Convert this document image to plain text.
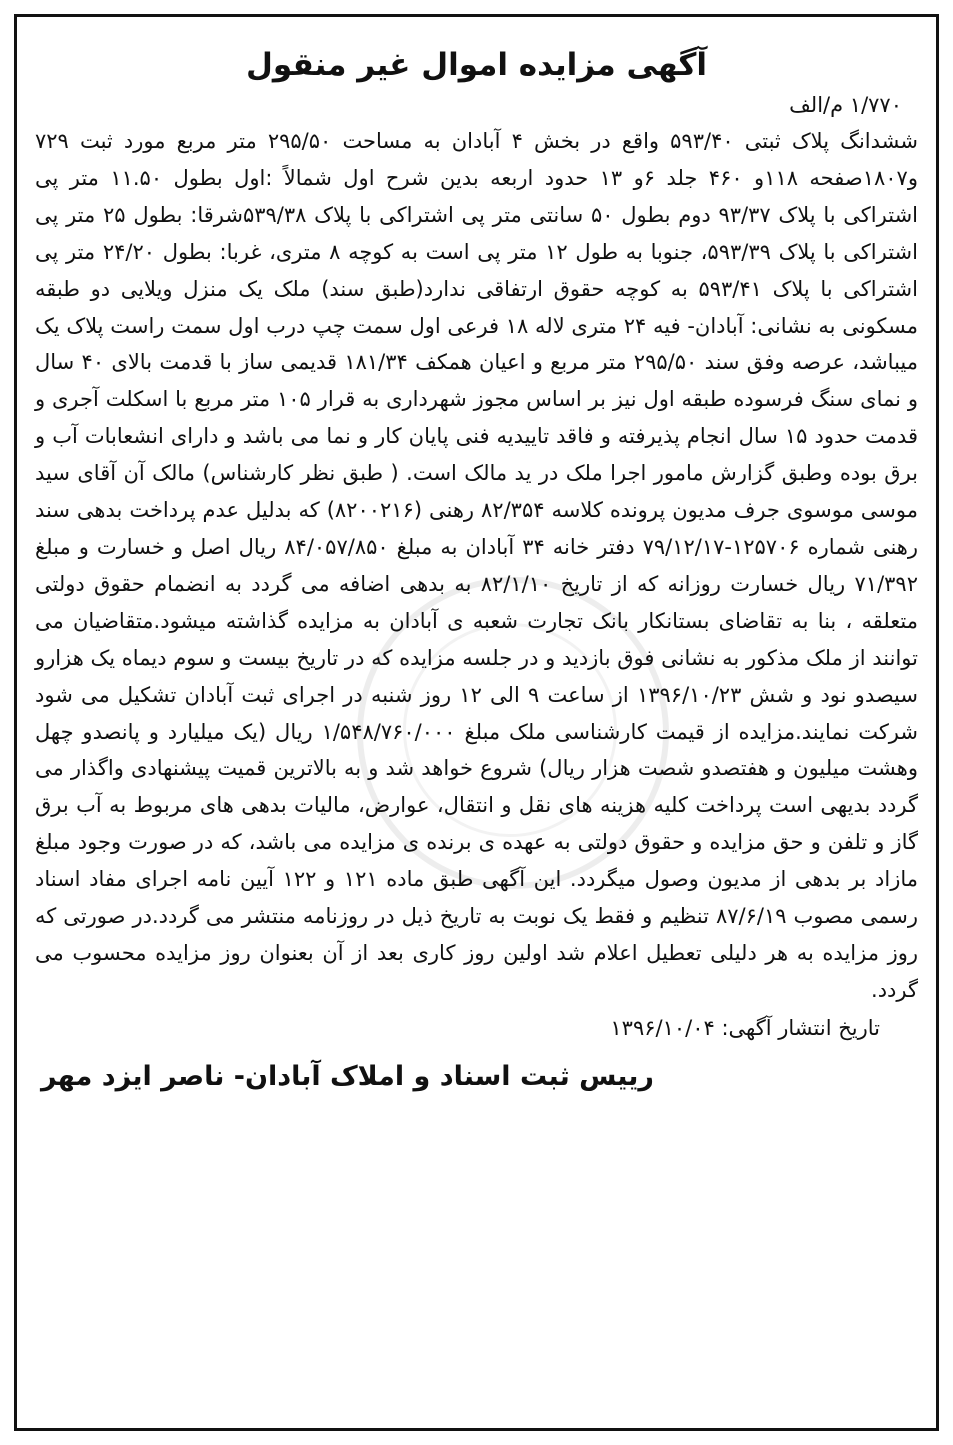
آگهی مزایده اموال غیر منقول
۱/۷۷۰ م/الف
ششدانگ پلاک ثبتی ۵۹۳/۴۰ واقع در بخش ۴ آبادان به مساحت ۲۹۵/۵۰ متر مربع مورد ثبت ۷۲۹ و۱۸۰۷صفحه ۱۱۸و ۴۶۰ جلد ۶و ۱۳ حدود اربعه بدین شرح اول شمالاً :اول بطول ۱۱.۵۰ متر پی اشتراکی با پلاک ۹۳/۳۷ دوم بطول ۵۰ سانتی متر پی اشتراکی با پلاک ۵۳۹/۳۸شرقا: بطول ۲۵ متر پی اشتراکی با پلاک ۵۹۳/۳۹، جنوبا به طول ۱۲ متر پی است به کوچه ۸ متری، غربا: بطول ۲۴/۲۰ متر پی اشتراکی با پلاک ۵۹۳/۴۱ به کوچه حقوق ارتفاقی ندارد(طبق سند) ملک یک منزل ویلایی دو طبقه مسکونی به نشانی: آبادان- فیه ۲۴ متری لاله ۱۸ فرعی اول سمت چپ درب اول سمت راست پلاک یک میباشد، عرصه وفق سند ۲۹۵/۵۰ متر مربع و اعیان همکف ۱۸۱/۳۴ قدیمی ساز با قدمت بالای ۴۰ سال و نمای سنگ فرسوده طبقه اول نیز بر اساس مجوز شهرداری به قرار ۱۰۵ متر مربع با اسکلت آجری و قدمت حدود ۱۵ سال انجام پذیرفته و فاقد تاییدیه فنی پایان کار و نما می باشد و دارای انشعابات آب و برق بوده وطبق گزارش مامور اجرا ملک در ید مالک است. ( طبق نظر کارشناس) مالک آن آقای سید موسی موسوی جرف مدیون پرونده کلاسه ۸۲/۳۵۴ رهنی (۸۲۰۰۲۱۶) که بدلیل عدم پرداخت بدهی سند رهنی شماره ۱۲۵۷۰۶-۷۹/۱۲/۱۷ دفتر خانه ۳۴ آبادان به مبلغ ۸۴/۰۵۷/۸۵۰ ریال اصل و خسارت و مبلغ ۷۱/۳۹۲ ریال خسارت روزانه که از تاریخ ۸۲/۱/۱۰ به بدهی اضافه می گردد به انضمام حقوق دولتی متعلقه ، بنا به تقاضای بستانکار بانک تجارت شعبه ی آبادان به مزایده گذاشته میشود.متقاضیان می توانند از ملک مذکور به نشانی فوق بازدید و در جلسه مزایده که در تاریخ بیست و سوم دیماه یک هزارو سیصدو نود و شش ۱۳۹۶/۱۰/۲۳ از ساعت ۹ الی ۱۲ روز شنبه در اجرای ثبت آبادان تشکیل می شود شرکت نمایند.مزایده از قیمت کارشناسی ملک مبلغ ۱/۵۴۸/۷۶۰/۰۰۰ ریال (یک میلیارد و پانصدو چهل وهشت میلیون و هفتصدو شصت هزار ریال) شروع خواهد شد و به بالاترین قمیت پیشنهادی واگذار می گردد بدیهی است پرداخت کلیه هزینه های نقل و انتقال، عوارض، مالیات بدهی های مربوط به آب برق گاز و تلفن و حق مزایده و حقوق دولتی به عهده ی برنده ی مزایده می باشد، که در صورت وجود مبلغ مازاد بر بدهی از مدیون وصول میگردد. این آگهی طبق ماده ۱۲۱ و ۱۲۲ آیین نامه اجرای مفاد اسناد رسمی مصوب ۸۷/۶/۱۹ تنظیم و فقط یک نوبت به تاریخ ذیل در روزنامه منتشر می گردد.در صورتی که روز مزایده به هر دلیلی تعطیل اعلام شد اولین روز کاری بعد از آن بعنوان روز مزایده محسوب می گردد.
تاریخ انتشار آگهی: ۱۳۹۶/۱۰/۰۴
رییس ثبت اسناد و املاک آبادان- ناصر ایزد مهر
